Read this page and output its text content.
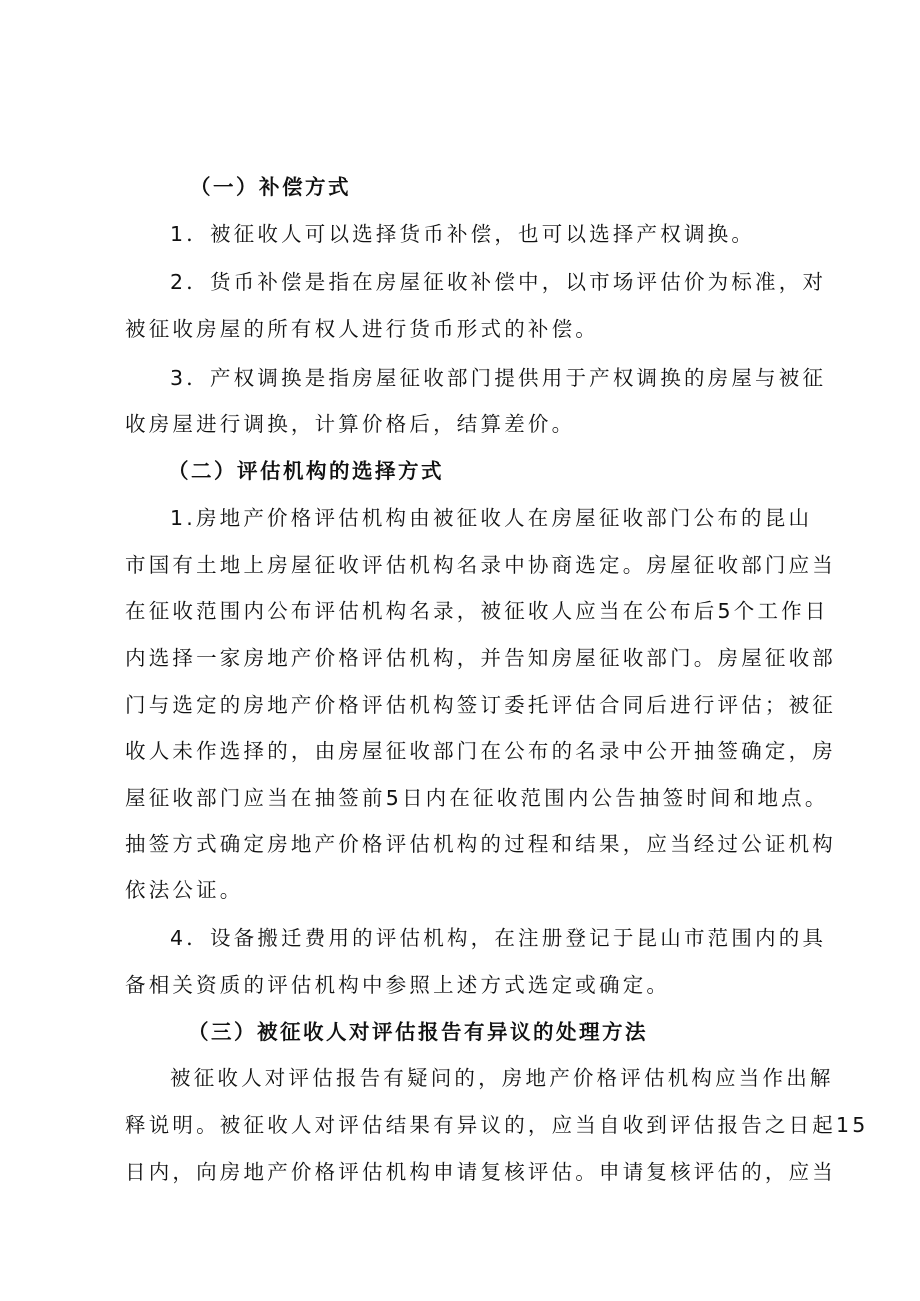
（一）补偿方式
1．被征收人可以选择货币补偿，也可以选择产权调换。
2．货币补偿是指在房屋征收补偿中，以市场评估价为标准，对
被征收房屋的所有权人进行货币形式的补偿。
3．产权调换是指房屋征收部门提供用于产权调换的房屋与被征
收房屋进行调换，计算价格后，结算差价。
（二）评估机构的选择方式
1.房地产价格评估机构由被征收人在房屋征收部门公布的昆山
市国有土地上房屋征收评估机构名录中协商选定。房屋征收部门应当
在征收范围内公布评估机构名录，被征收人应当在公布后5个工作日
内选择一家房地产价格评估机构，并告知房屋征收部门。房屋征收部
门与选定的房地产价格评估机构签订委托评估合同后进行评估；被征
收人未作选择的，由房屋征收部门在公布的名录中公开抽签确定，房
屋征收部门应当在抽签前5日内在征收范围内公告抽签时间和地点。
抽签方式确定房地产价格评估机构的过程和结果，应当经过公证机构
依法公证。
4．设备搬迁费用的评估机构，在注册登记于昆山市范围内的具
备相关资质的评估机构中参照上述方式选定或确定。
（三）被征收人对评估报告有异议的处理方法
被征收人对评估报告有疑问的，房地产价格评估机构应当作出解
释说明。被征收人对评估结果有异议的，应当自收到评估报告之日起15
日内，向房地产价格评估机构申请复核评估。申请复核评估的，应当
